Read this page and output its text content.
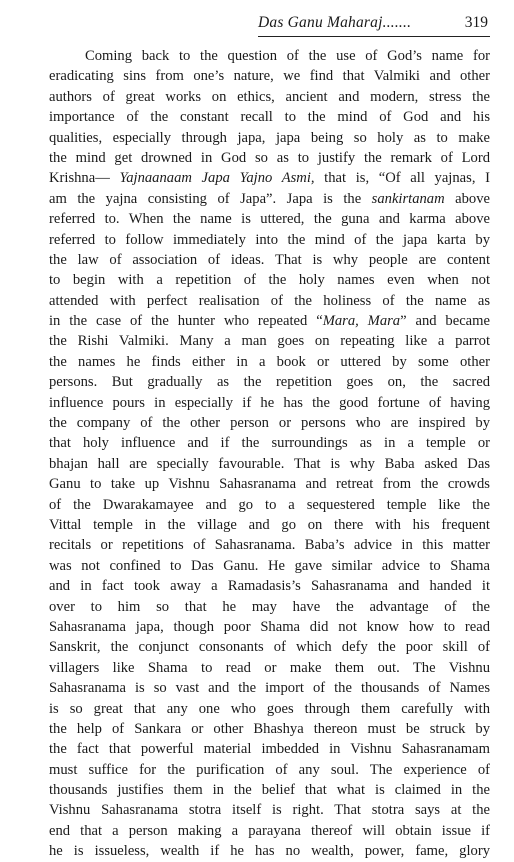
Das Ganu Maharaj.......	319
Coming back to the question of the use of God’s name for
eradicating sins from one’s nature, we find that Valmiki and other
authors of great works on ethics, ancient and modern, stress the
importance of the constant recall to the mind of God and his
qualities, especially through japa, japa being so holy as to make
the mind get drowned in God so as to justify the remark of Lord
Krishna— Yajnaanaam Japa Yajno Asmi, that is, “Of all yajnas, I
am the yajna consisting of Japa”. Japa is the sankirtanam above
referred to. When the name is uttered, the guna and karma above
referred to follow immediately into the mind of the japa karta by
the law of association of ideas. That is why people are content
to begin with a repetition of the holy names even when not
attended with perfect realisation of the holiness of the name as
in the case of the hunter who repeated “Mara, Mara” and became
the Rishi Valmiki. Many a man goes on repeating like a parrot
the names he finds either in a book or uttered by some other
persons. But gradually as the repetition goes on, the sacred
influence pours in especially if he has the good fortune of having
the company of the other person or persons who are inspired by
that holy influence and if the surroundings as in a temple or
bhajan hall are specially favourable. That is why Baba asked Das
Ganu to take up Vishnu Sahasranama and retreat from the crowds
of the Dwarakamayee and go to a sequestered temple like the
Vittal temple in the village and go on there with his frequent
recitals or repetitions of Sahasranama. Baba’s advice in this matter
was not confined to Das Ganu. He gave similar advice to Shama
and in fact took away a Ramadasis’s Sahasranama and handed it
over to him so that he may have the advantage of the
Sahasranama japa, though poor Shama did not know how to read
Sanskrit, the conjunct consonants of which defy the poor skill of
villagers like Shama to read or make them out. The Vishnu
Sahasranama is so vast and the import of the thousands of Names
is so great that any one who goes through them carefully with
the help of Sankara or other Bhashya thereon must be struck by
the fact that powerful material imbedded in Vishnu Sahasranamam
must suffice for the purification of any soul. The experience of
thousands justifies them in the belief that what is claimed in the
Vishnu Sahasranama stotra itself is right. That stotra says at the
end that a person making a parayana thereof will obtain issue if
he is issueless, wealth if he has no wealth, power, fame, glory
